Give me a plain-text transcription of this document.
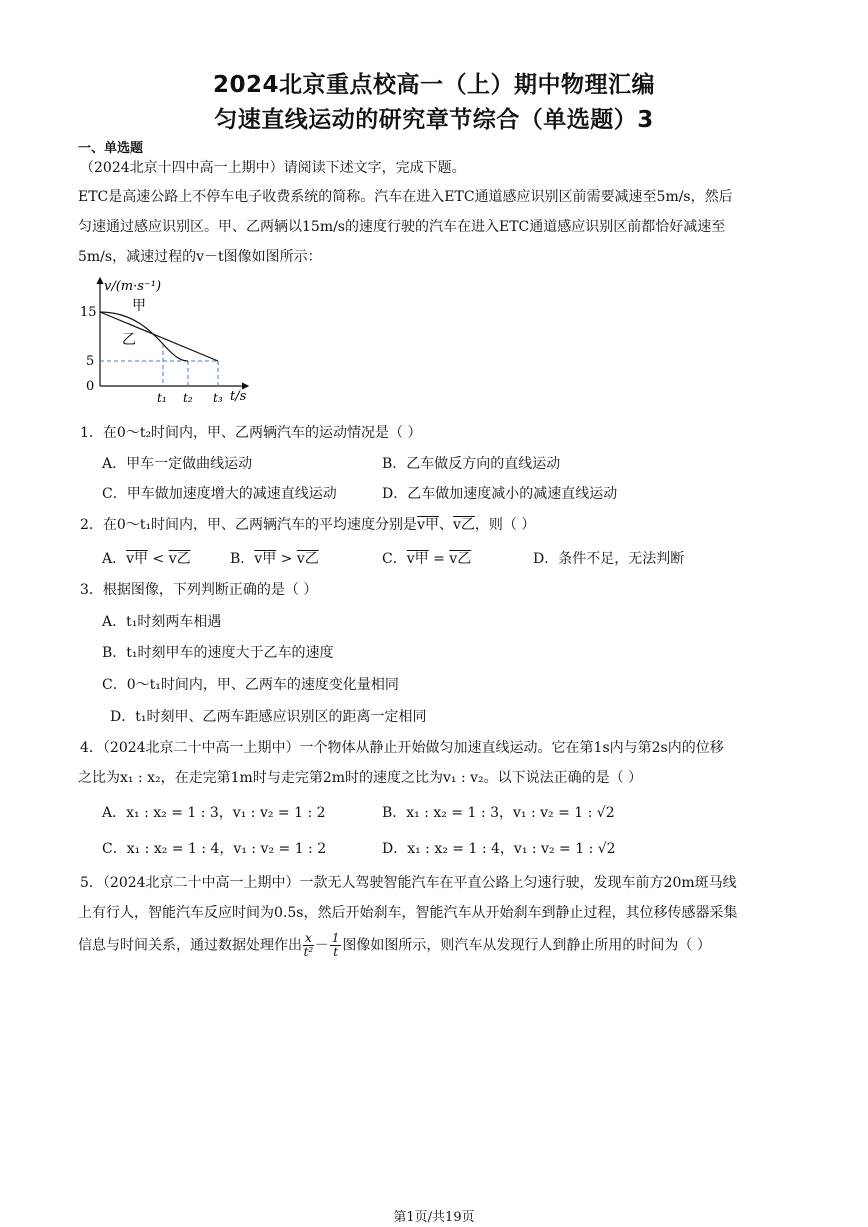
2024北京重点校高一（上）期中物理汇编
匀速直线运动的研究章节综合（单选题）3
一、单选题
（2024北京十四中高一上期中）请阅读下述文字，完成下题。
ETC是高速公路上不停车电子收费系统的简称。汽车在进入ETC通道感应识别区前需要减速至5m/s，然后
匀速通过感应识别区。甲、乙两辆以15m/s的速度行驶的汽车在进入ETC通道感应识别区前都恰好减速至
5m/s，减速过程的v－t图像如图所示：
v/(m·s⁻¹)
t/s
15
5
0
t₁ t₂ t₃
甲
乙
1．在0～t₂时间内，甲、乙两辆汽车的运动情况是（ ）
A．甲车一定做曲线运动	B．乙车做反方向的直线运动
C．甲车做加速度增大的减速直线运动	D．乙车做加速度减小的减速直线运动
2．在0～t₁时间内，甲、乙两辆汽车的平均速度分别是v甲、v乙，则（ ）
A．v甲 < v乙	B．v甲 > v乙	C．v甲 = v乙	D．条件不足，无法判断
3．根据图像，下列判断正确的是（ ）
A．t₁时刻两车相遇
B．t₁时刻甲车的速度大于乙车的速度
C．0～t₁时间内，甲、乙两车的速度变化量相同
D．t₁时刻甲、乙两车距感应识别区的距离一定相同
4．（2024北京二十中高一上期中）一个物体从静止开始做匀加速直线运动。它在第1s内与第2s内的位移
之比为x₁ : x₂，在走完第1m时与走完第2m时的速度之比为v₁ : v₂。以下说法正确的是（ ）
A．x₁ : x₂ = 1 : 3，v₁ : v₂ = 1 : 2	B．x₁ : x₂ = 1 : 3，v₁ : v₂ = 1 : √2
C．x₁ : x₂ = 1 : 4，v₁ : v₂ = 1 : 2	D．x₁ : x₂ = 1 : 4，v₁ : v₂ = 1 : √2
5．（2024北京二十中高一上期中）一款无人驾驶智能汽车在平直公路上匀速行驶，发现车前方20m斑马线
上有行人，智能汽车反应时间为0.5s，然后开始刹车，智能汽车从开始刹车到静止过程，其位移传感器采集
信息与时间关系，通过数据处理作出 $\frac{x}{\text{t²}} - \frac{1}{t}$ 图像如图所示，则汽车从发现行人到静止所用的时间为（ ）
第1页/共19页
